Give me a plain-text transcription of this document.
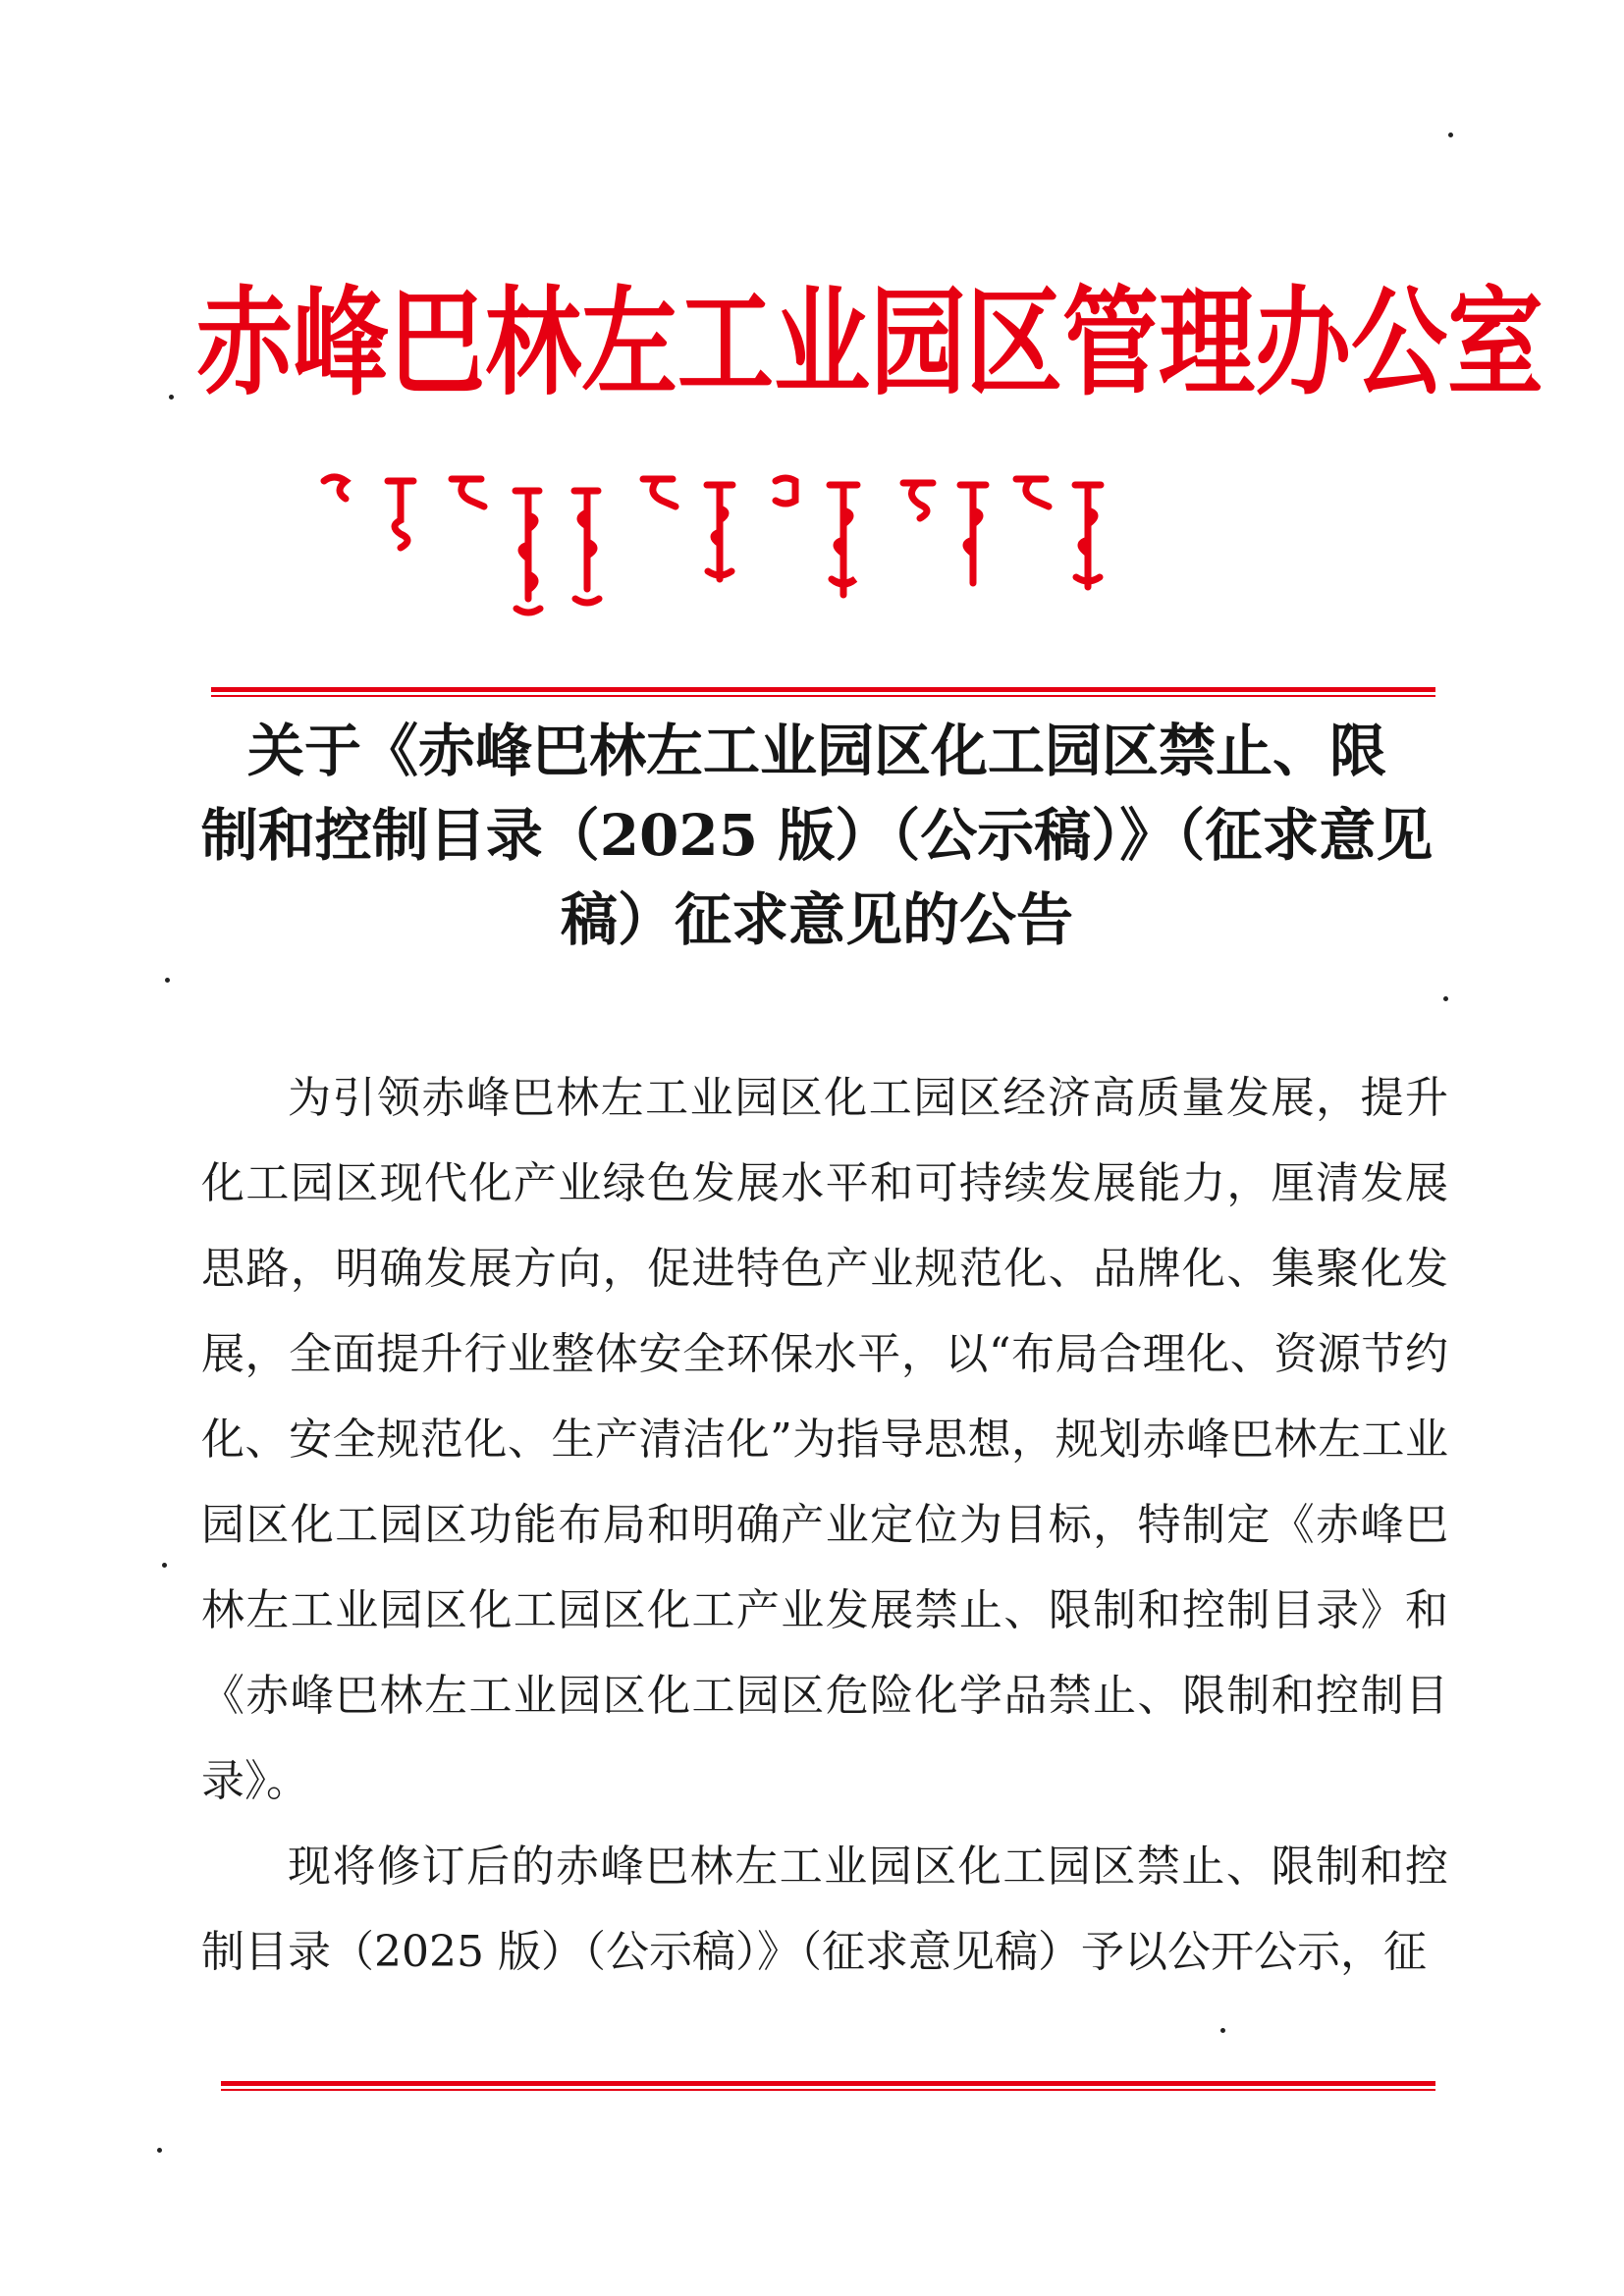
赤峰巴林左工业园区管理办公室
关于《赤峰巴林左工业园区化工园区禁止、限
制和控制目录（2025 版）（公示稿）》（征求意见
稿）征求意见的公告

为引领赤峰巴林左工业园区化工园区经济高质量发展，提升化工园区现代化产业绿色发展水平和可持续发展能力，厘清发展思路，明确发展方向，促进特色产业规范化、品牌化、集聚化发展，全面提升行业整体安全环保水平，以“布局合理化、资源节约化、安全规范化、生产清洁化”为指导思想，规划赤峰巴林左工业园区化工园区功能布局和明确产业定位为目标，特制定《赤峰巴林左工业园区化工园区化工产业发展禁止、限制和控制目录》和《赤峰巴林左工业园区化工园区危险化学品禁止、限制和控制目录》。

现将修订后的赤峰巴林左工业园区化工园区禁止、限制和控制目录（2025 版）（公示稿）》（征求意见稿）予以公开公示，征
